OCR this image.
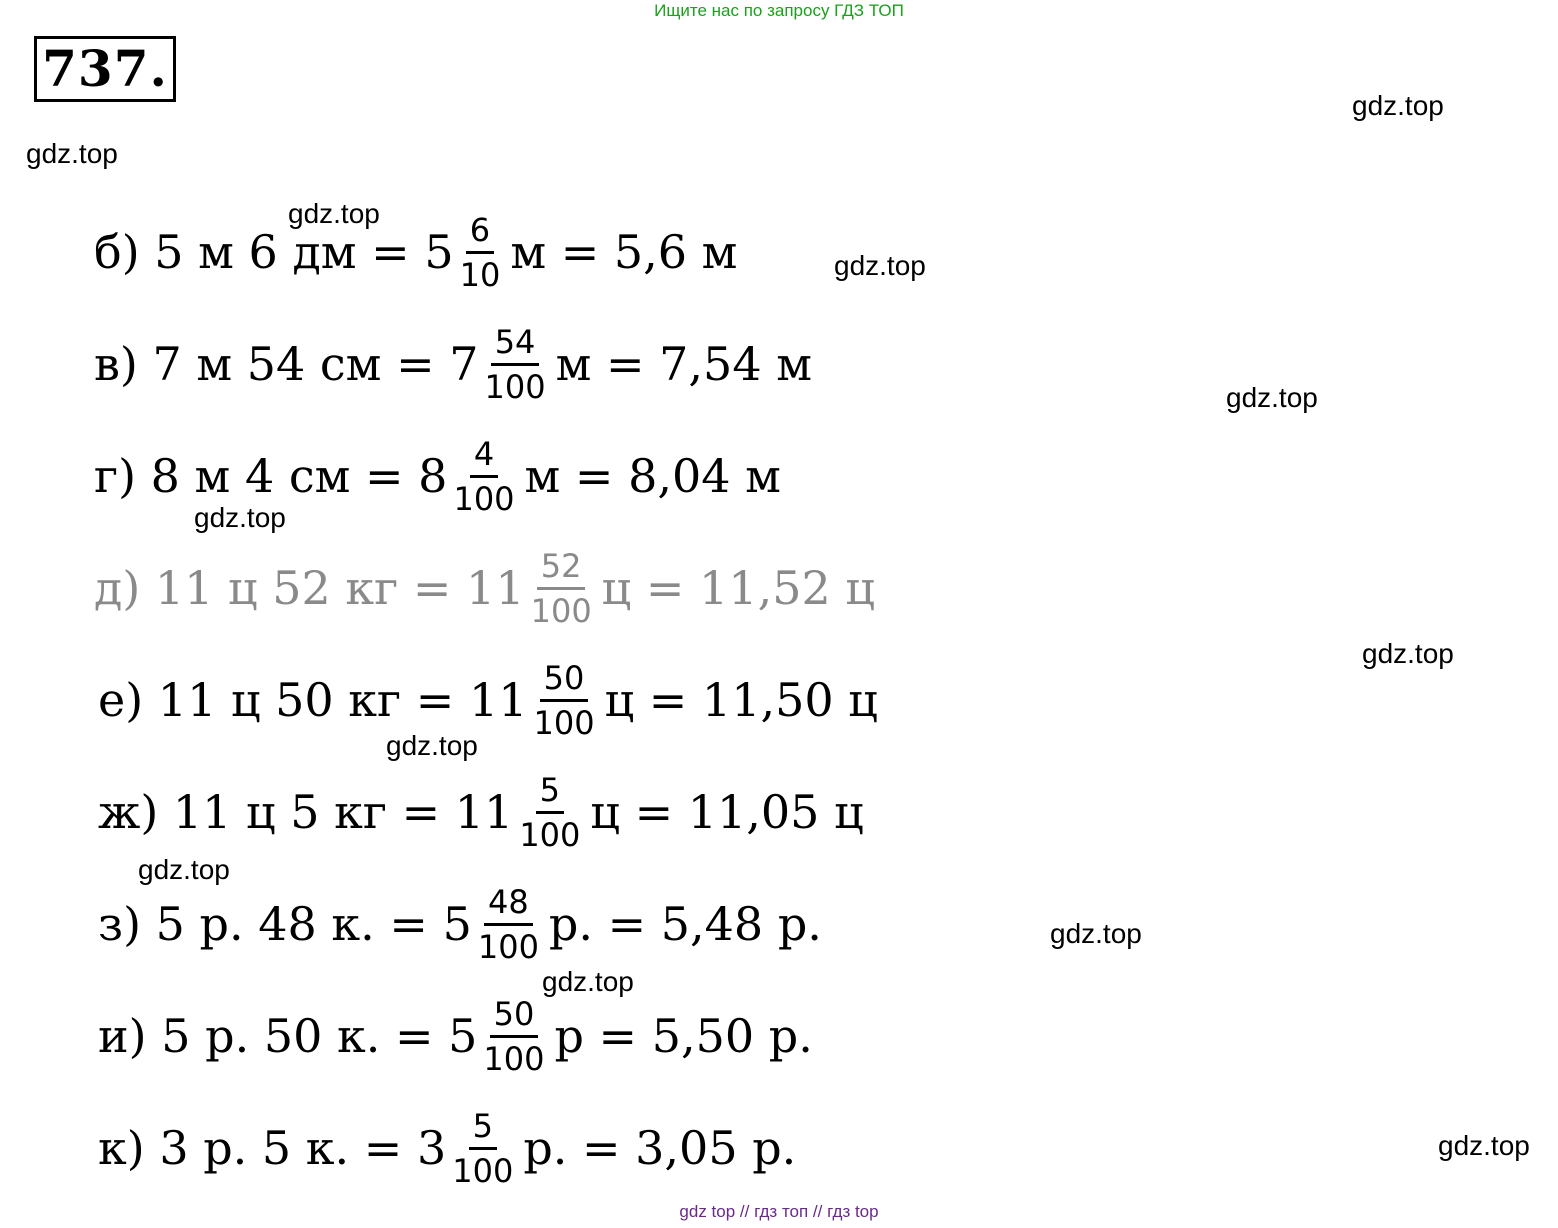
Ищите нас по запросу ГДЗ ТОП
737.
gdz.top
gdz.top
gdz.top
gdz.top
gdz.top
gdz.top
gdz.top
gdz.top
gdz.top
gdz.top
gdz.top
gdz.top
б)
5 м 6 дм = $5 \frac{6}{10}$ м = 5,6 м
в)
7 м 54 см = $7 \frac{54}{100}$ м = 7,54 м
г)
8 м 4 см = $8 \frac{4}{100}$ м = 8,04 м
д)
11 ц 52 кг = $11 \frac{52}{100}$ ц = 11,52 ц
е)
11 ц 50 кг = $11 \frac{50}{100}$ ц = 11,50 ц
ж)
11 ц 5 кг = $11 \frac{5}{100}$ ц = 11,05 ц
з)
5 р. 48 к. = $5 \frac{48}{100} р$. = 5,48 р.
и)
5 р. 50 к. = $5 \frac{50}{100}$ р = 5,50 р.
к)
3 р. 5 к. = $3 \frac{5}{100} р$. = 3,05 р.
gdz top // гдз топ // гдз top
